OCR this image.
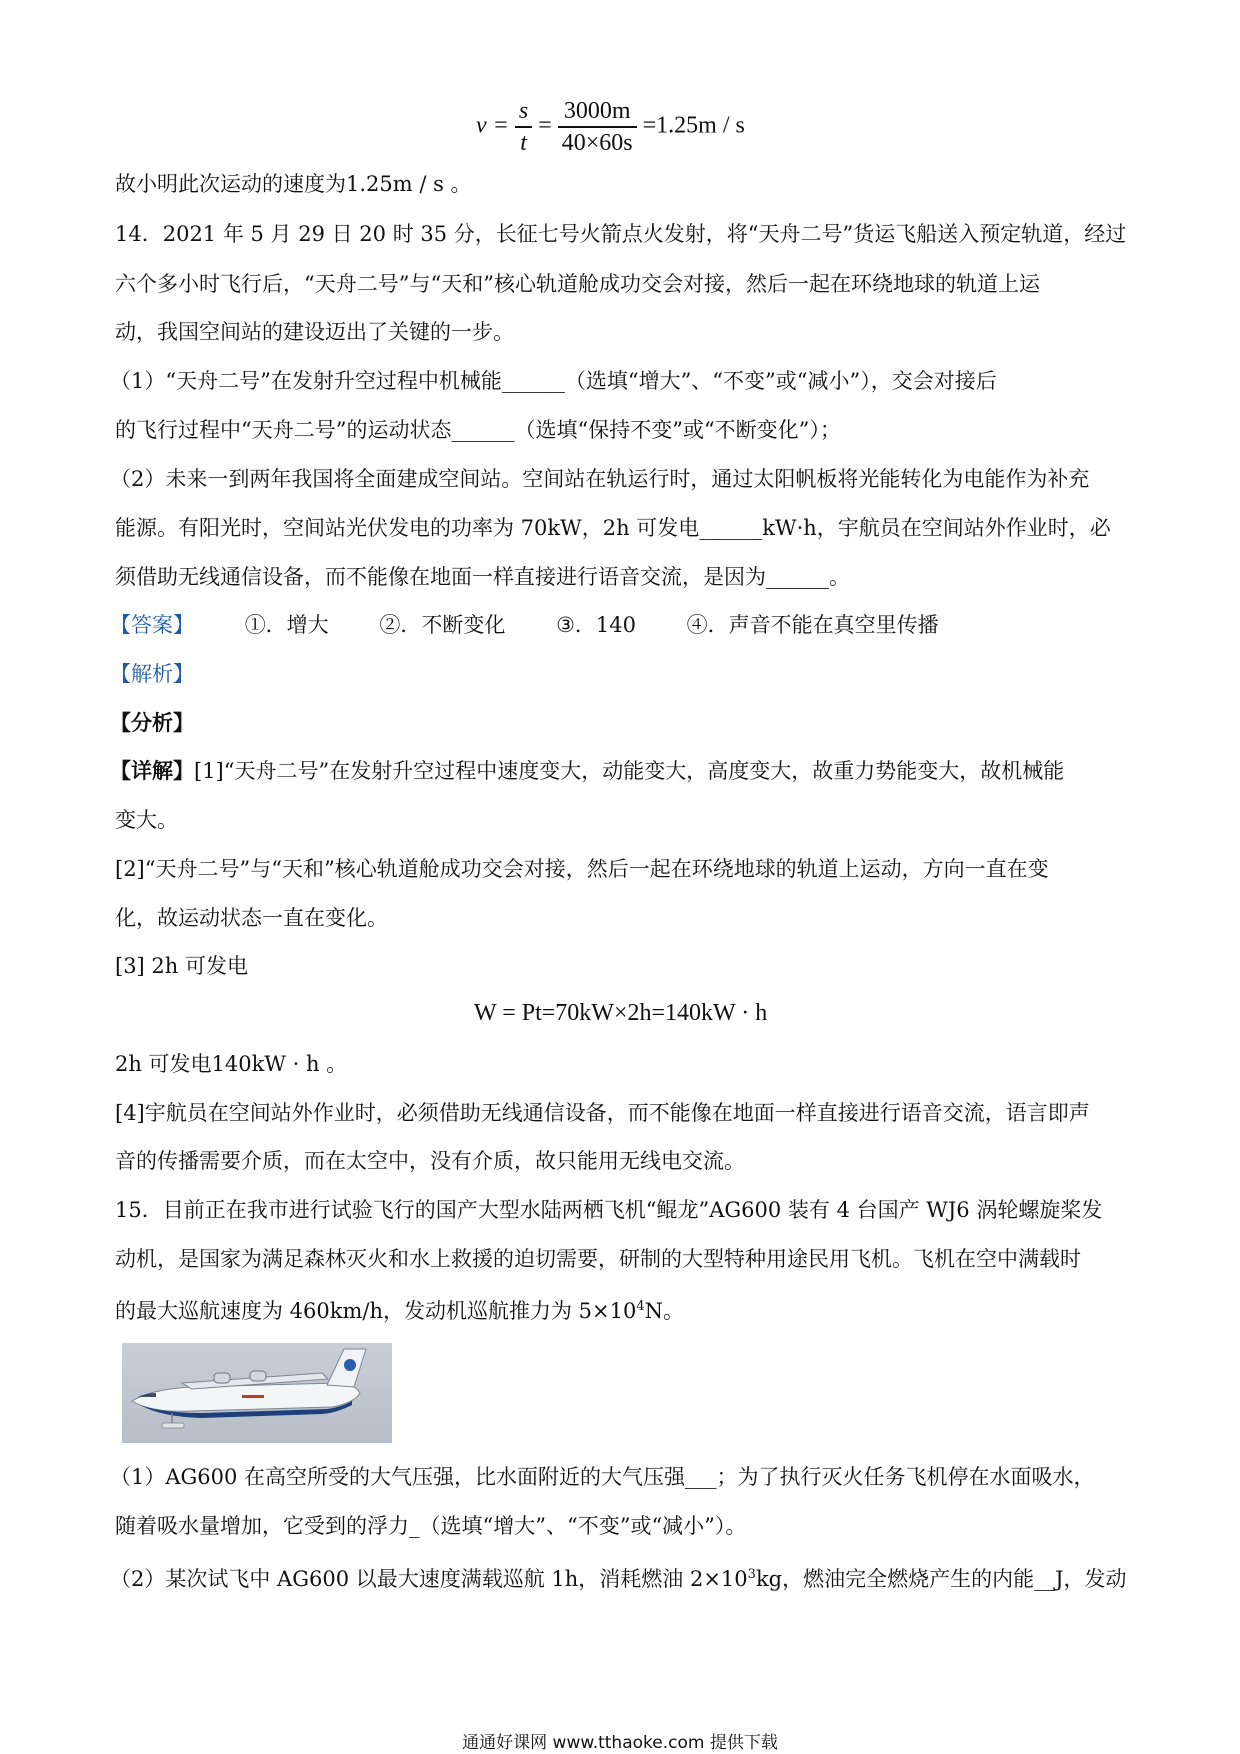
$v = \frac{s}{t} = \frac{3000m}{40\times 60s} =1.25m / s$
故小明此次运动的速度为1.25m / s 。
14．2021 年 5 月 29 日 20 时 35 分，长征七号火箭点火发射，将“天舟二号”货运飞船送入预定轨道，经过
六个多小时飞行后，“天舟二号”与“天和”核心轨道舱成功交会对接，然后一起在环绕地球的轨道上运
动，我国空间站的建设迈出了关键的一步。
（1）“天舟二号”在发射升空过程中机械能______（选填“增大”、“不变”或“减小”），交会对接后
的飞行过程中“天舟二号”的运动状态______（选填“保持不变”或“不断变化”）；
（2）未来一到两年我国将全面建成空间站。空间站在轨运行时，通过太阳帆板将光能转化为电能作为补充
能源。有阳光时，空间站光伏发电的功率为 70kW，2h 可发电______kW·h，宇航员在空间站外作业时，必
须借助无线通信设备，而不能像在地面一样直接进行语音交流，是因为______。
【答案】 ①．增大 ②．不断变化 ③．140 ④．声音不能在真空里传播
【解析】
【分析】
【详解】[1]“天舟二号”在发射升空过程中速度变大，动能变大，高度变大，故重力势能变大，故机械能
变大。
[2]“天舟二号”与“天和”核心轨道舱成功交会对接，然后一起在环绕地球的轨道上运动，方向一直在变
化，故运动状态一直在变化。
[3] 2h 可发电
W = Pt=70kW×2h=140kW · h
2h 可发电140kW · h 。
[4]宇航员在空间站外作业时，必须借助无线通信设备，而不能像在地面一样直接进行语音交流，语言即声
音的传播需要介质，而在太空中，没有介质，故只能用无线电交流。
15．目前正在我市进行试验飞行的国产大型水陆两栖飞机“鲲龙”AG600 装有 4 台国产 WJ6 涡轮螺旋桨发
动机，是国家为满足森林灭火和水上救援的迫切需要，研制的大型特种用途民用飞机。飞机在空中满载时
的最大巡航速度为 460km/h，发动机巡航推力为 $5\times 10^4N$。
（1）AG600 在高空所受的大气压强，比水面附近的大气压强___；为了执行灭火任务飞机停在水面吸水，
随着吸水量增加，它受到的浮力_（选填“增大”、“不变”或“减小”）。
（2）某次试飞中 AG600 以最大速度满载巡航 1h，消耗燃油 $2\times 10^3kg$，燃油完全燃烧产生的内能__J，发动
通通好课网 www.tthaoke.com 提供下载
